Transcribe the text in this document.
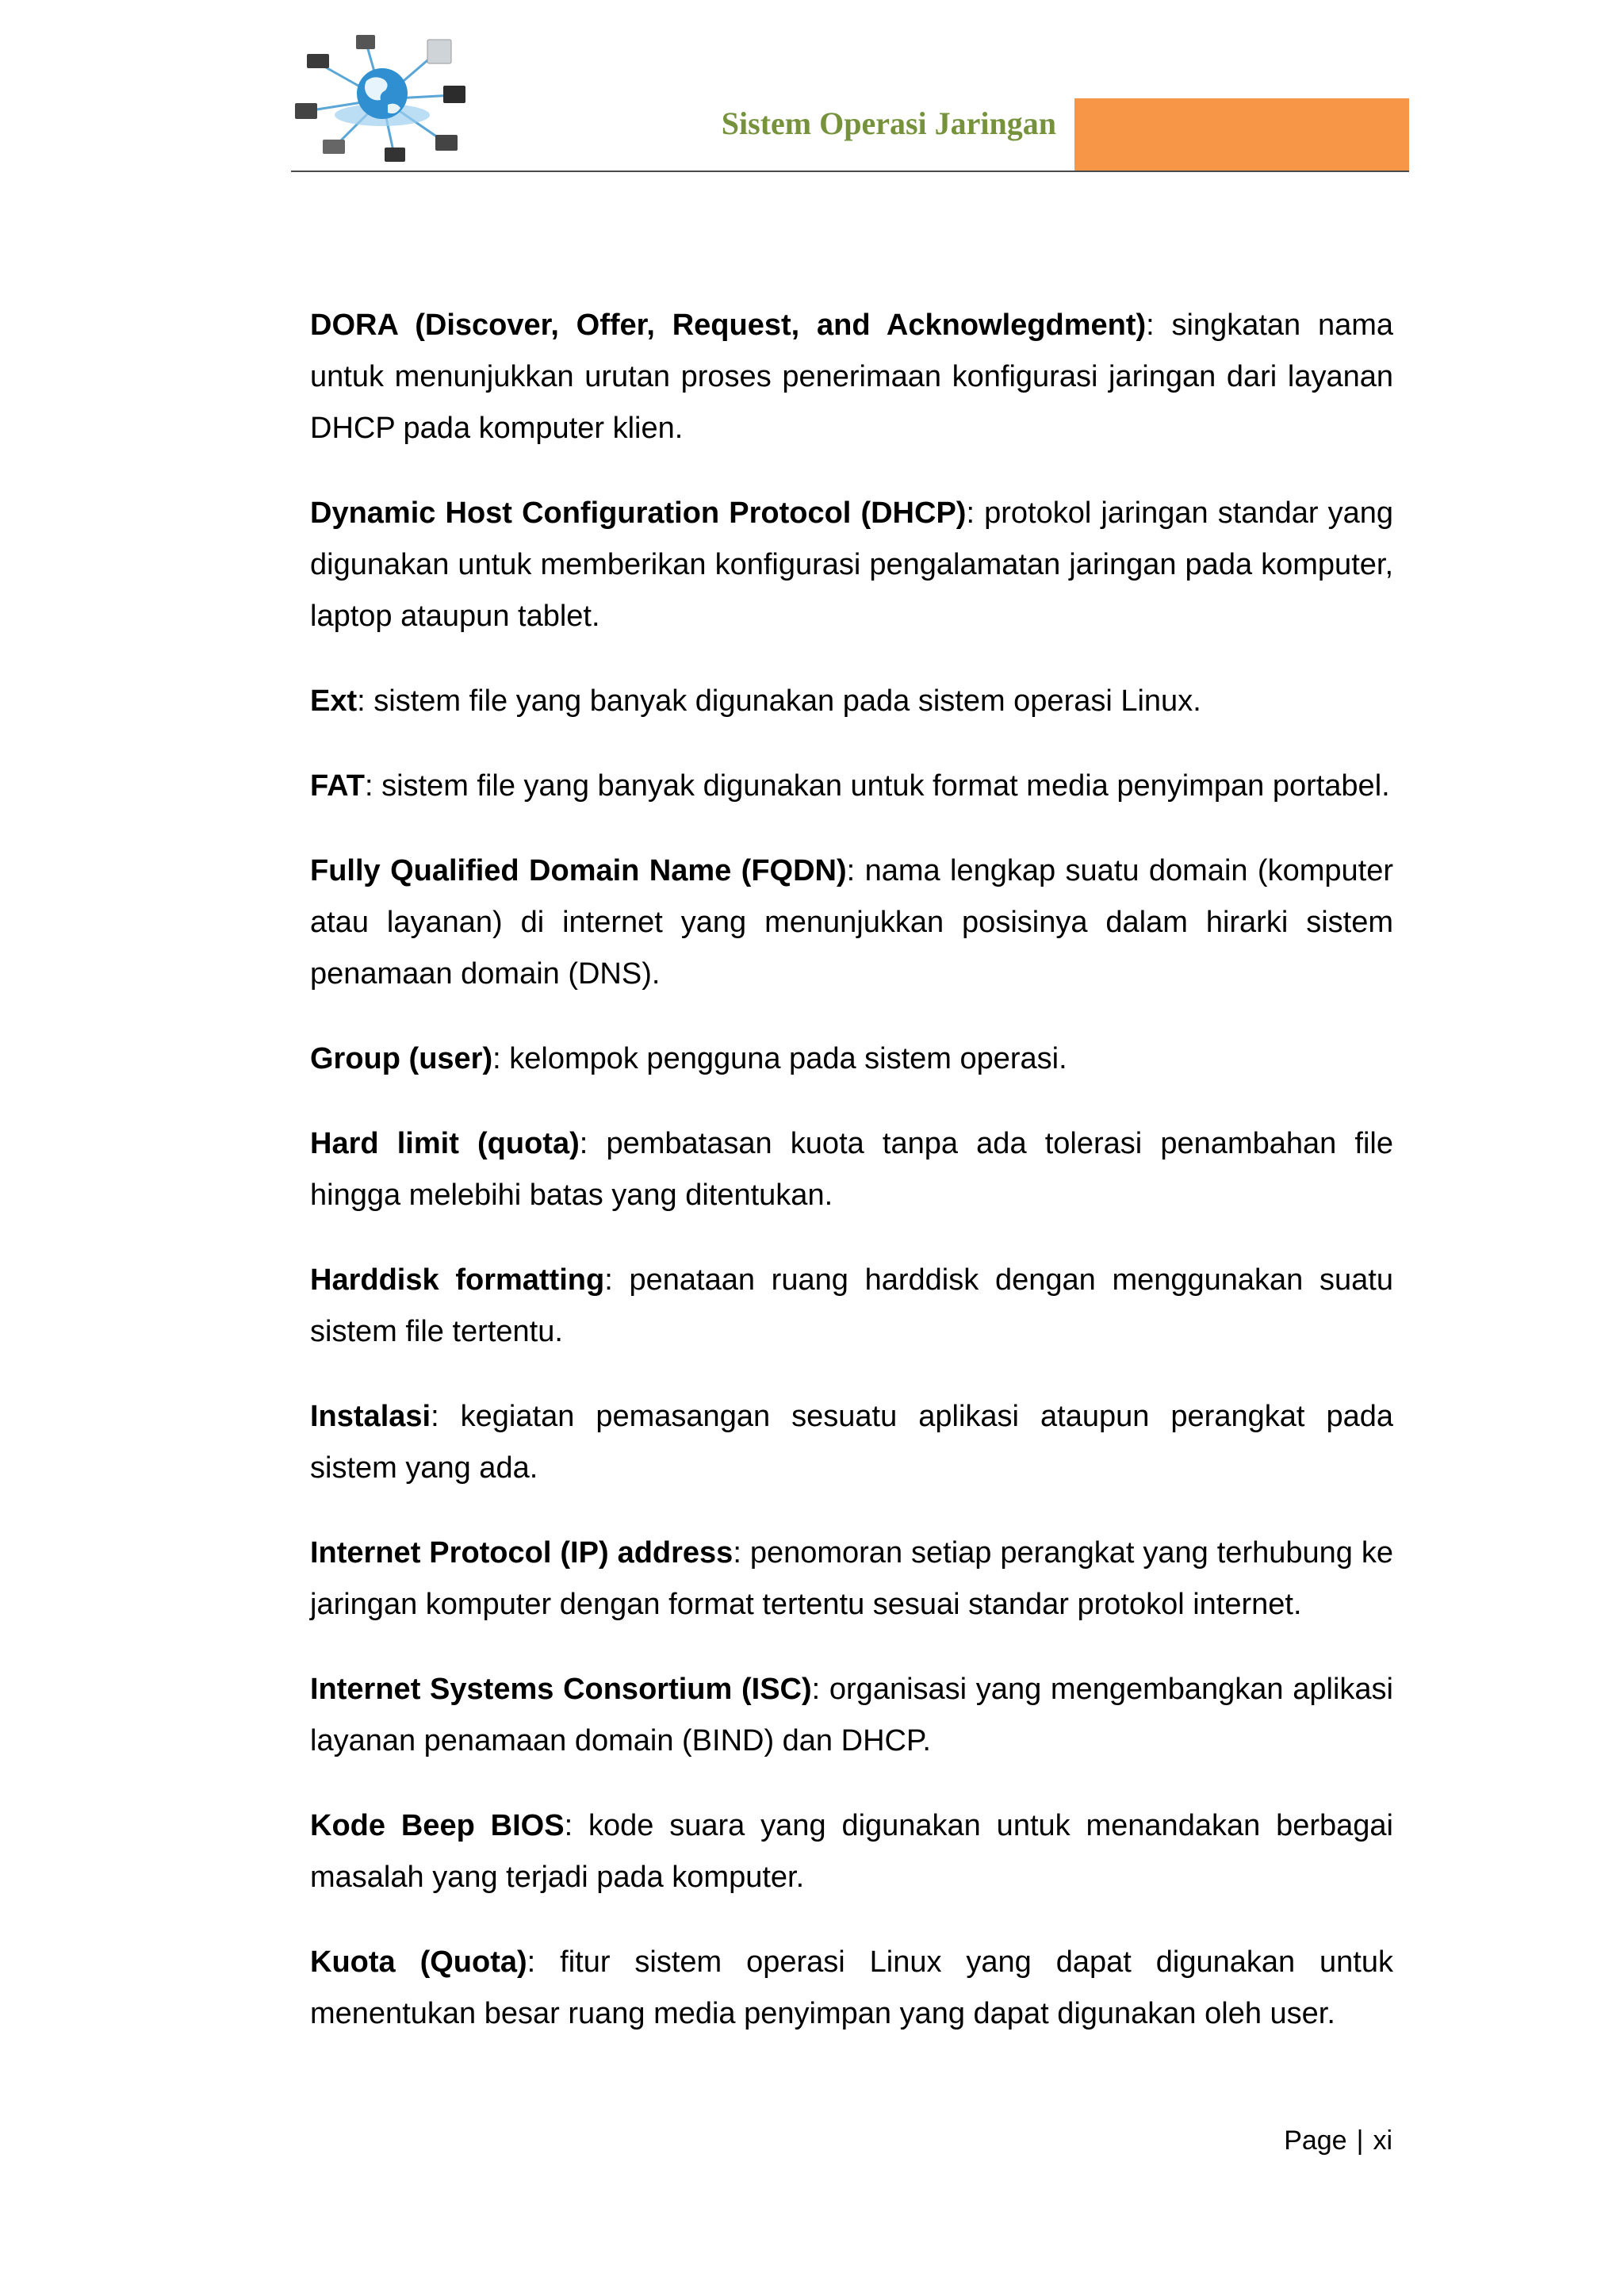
Sistem Operasi Jaringan

DORA (Discover, Offer, Request, and Acknowlegdment): singkatan nama untuk menunjukkan urutan proses penerimaan konfigurasi jaringan dari layanan DHCP pada komputer klien.

Dynamic Host Configuration Protocol (DHCP): protokol jaringan standar yang digunakan untuk memberikan konfigurasi pengalamatan jaringan pada komputer, laptop ataupun tablet.

Ext: sistem file yang banyak digunakan pada sistem operasi Linux.

FAT: sistem file yang banyak digunakan untuk format media penyimpan portabel.

Fully Qualified Domain Name (FQDN): nama lengkap suatu domain (komputer atau layanan) di internet yang menunjukkan posisinya dalam hirarki sistem penamaan domain (DNS).

Group (user): kelompok pengguna pada sistem operasi.

Hard limit (quota): pembatasan kuota tanpa ada tolerasi penambahan file hingga melebihi batas yang ditentukan.

Harddisk formatting: penataan ruang harddisk dengan menggunakan suatu sistem file tertentu.

Instalasi: kegiatan pemasangan sesuatu aplikasi ataupun perangkat pada sistem yang ada.

Internet Protocol (IP) address: penomoran setiap perangkat yang terhubung ke jaringan komputer dengan format tertentu sesuai standar protokol internet.

Internet Systems Consortium (ISC): organisasi yang mengembangkan aplikasi layanan penamaan domain (BIND) dan DHCP.

Kode Beep BIOS: kode suara yang digunakan untuk menandakan berbagai masalah yang terjadi pada komputer.

Kuota (Quota): fitur sistem operasi Linux yang dapat digunakan untuk menentukan besar ruang media penyimpan yang dapat digunakan oleh user.

Page | xi
